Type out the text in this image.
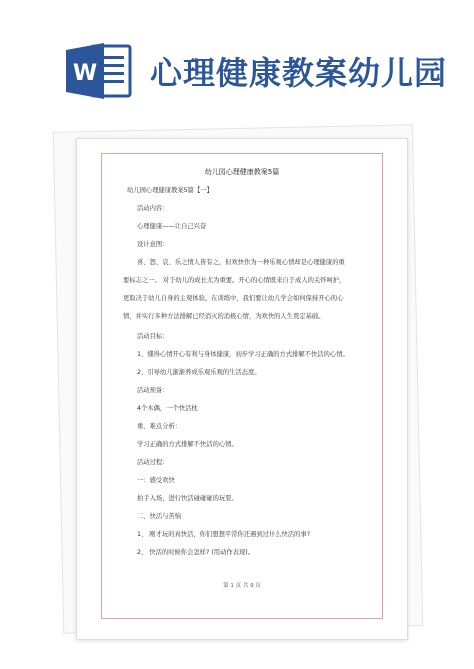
W 心理健康教案幼儿园
幼儿园心理健康教案5篇
幼儿园心理健康教案5篇【一】
活动内容：
心理健康——让自己兴奋
设计意图：
喜、怒、哀、乐之情人皆有之，但欢快作为一种乐观心情却是心理健康的重
要标志之一。 对于幼儿的成长尤为重要。开心的心情既来自于成人的关怀呵护，
更取决于幼儿自身的主观体验。在训练中，我们要让幼儿学会如何保持开心的心
情，并实行多种方法排解已经消灭的消极心情，为欢快的人生奠定基础。
活动目标：
1、懂得心情开心有利与身体健康，初步学习正确的方式排解不快活的心情。
2、引导幼儿渐渐养成乐观乐观的生活态度。
活动预备：
4个木偶，一个快活枕
重、难点分析：
学习正确的方式排解不快活的心情。
活动过程：
一：感受欢快
拍手入场，进行快活碰碰碰的玩耍。
二、快活与苦恼
1、 刚才玩的真快活，你们想想平常你还遇到过什么快活的事?
2、 快活的时候你会怎样? (用动作表现)。
第 1 页 共 9 页
